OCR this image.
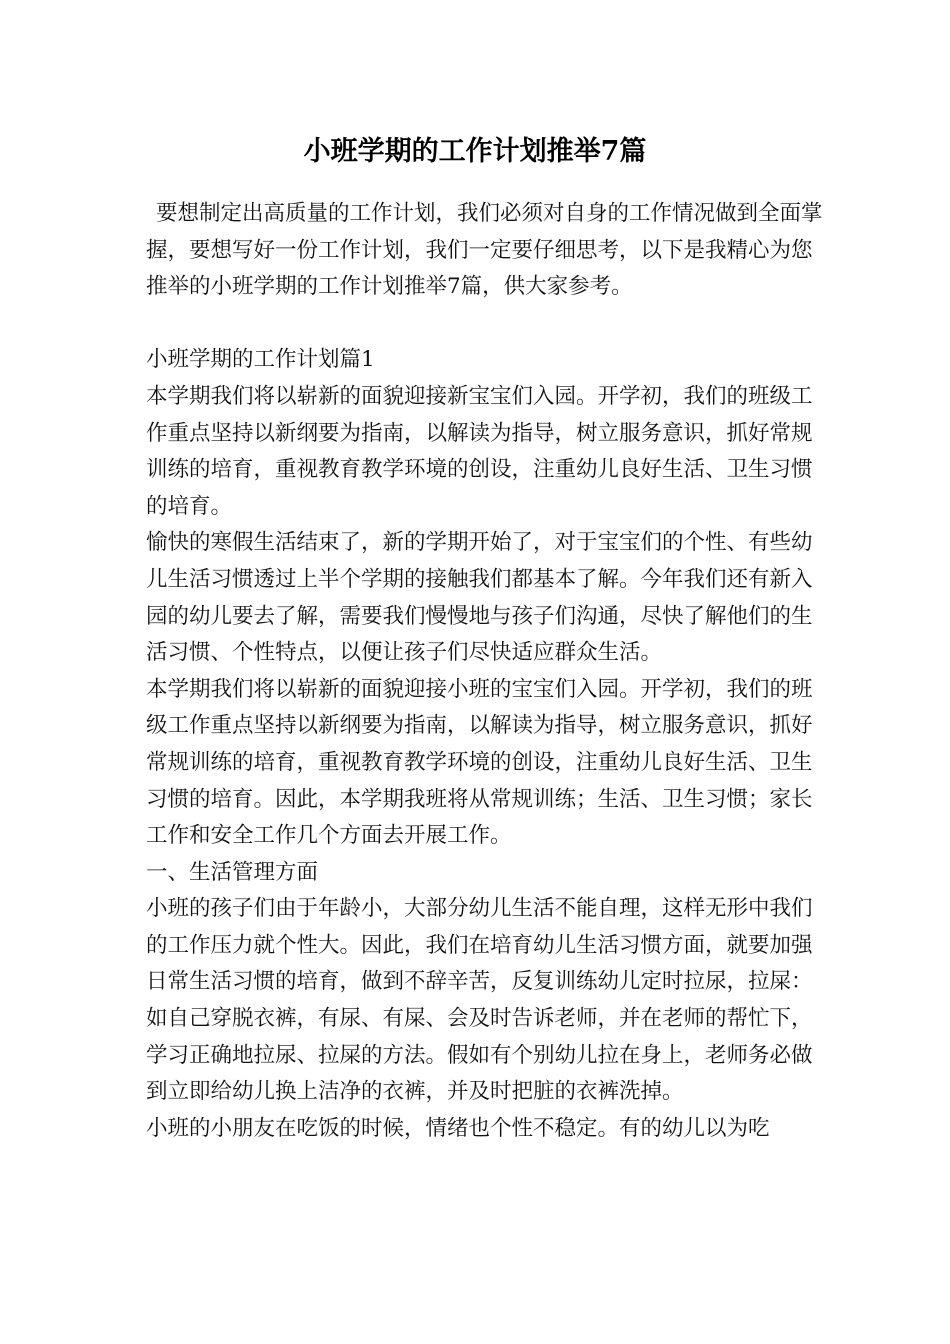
小班学期的工作计划推举7篇

要想制定出高质量的工作计划，我们必须对自身的工作情况做到全面掌握，要想写好一份工作计划，我们一定要仔细思考，以下是我精心为您推举的小班学期的工作计划推举7篇，供大家参考。

小班学期的工作计划篇1

本学期我们将以崭新的面貌迎接新宝宝们入园。开学初，我们的班级工作重点坚持以新纲要为指南，以解读为指导，树立服务意识，抓好常规训练的培育，重视教育教学环境的创设，注重幼儿良好生活、卫生习惯的培育。

愉快的寒假生活结束了，新的学期开始了，对于宝宝们的个性、有些幼儿生活习惯透过上半个学期的接触我们都基本了解。今年我们还有新入园的幼儿要去了解，需要我们慢慢地与孩子们沟通，尽快了解他们的生活习惯、个性特点，以便让孩子们尽快适应群众生活。

本学期我们将以崭新的面貌迎接小班的宝宝们入园。开学初，我们的班级工作重点坚持以新纲要为指南，以解读为指导，树立服务意识，抓好常规训练的培育，重视教育教学环境的创设，注重幼儿良好生活、卫生习惯的培育。因此，本学期我班将从常规训练；生活、卫生习惯；家长工作和安全工作几个方面去开展工作。

一、生活管理方面

小班的孩子们由于年龄小，大部分幼儿生活不能自理，这样无形中我们的工作压力就个性大。因此，我们在培育幼儿生活习惯方面，就要加强日常生活习惯的培育，做到不辞辛苦，反复训练幼儿定时拉尿，拉屎：如自己穿脱衣裤，有尿、有屎、会及时告诉老师，并在老师的帮忙下，学习正确地拉尿、拉屎的方法。假如有个别幼儿拉在身上，老师务必做到立即给幼儿换上洁净的衣裤，并及时把脏的衣裤洗掉。

小班的小朋友在吃饭的时候，情绪也个性不稳定。有的幼儿以为吃
